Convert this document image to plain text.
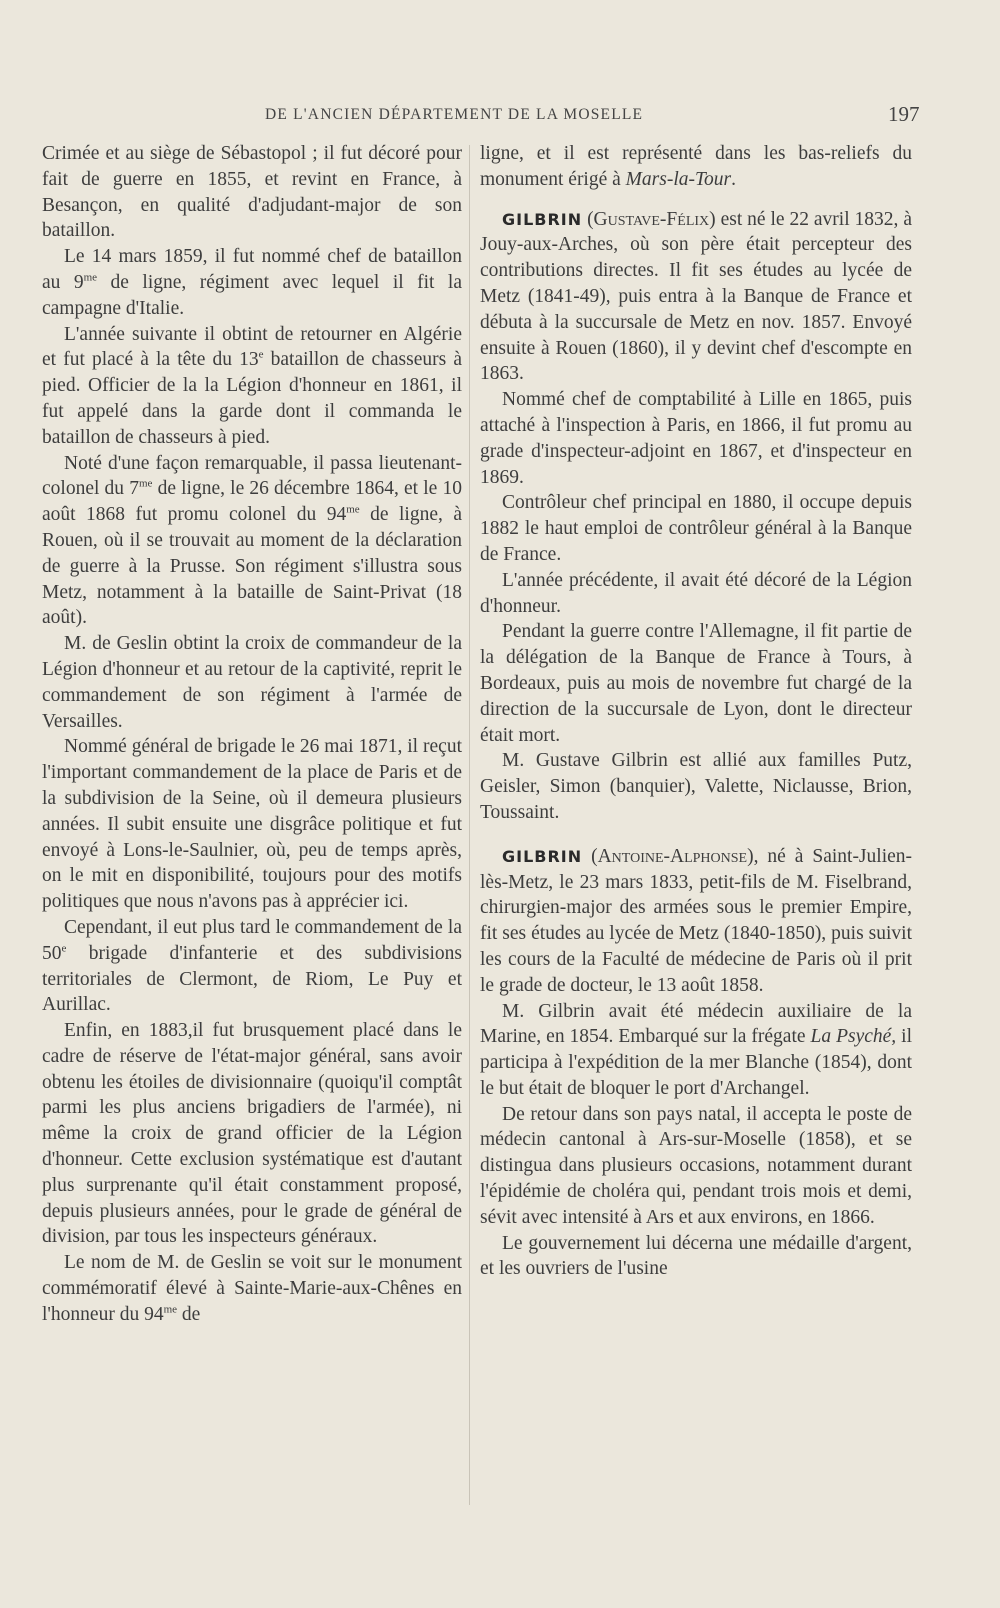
DE L'ANCIEN DÉPARTEMENT DE LA MOSELLE	197

Crimée et au siège de Sébastopol ; il fut décoré pour fait de guerre en 1855, et revint en France, à Besançon, en qualité d'adjudant-major de son bataillon.

Le 14 mars 1859, il fut nommé chef de bataillon au $9^{me}$ de ligne, régiment avec lequel il fit la campagne d'Italie.

L'année suivante il obtint de retourner en Algérie et fut placé à la tête du 13e bataillon de chasseurs à pied. Officier de la la Légion d'honneur en 1861, il fut appelé dans la garde dont il commanda le bataillon de chasseurs à pied.

Noté d'une façon remarquable, il passa lieutenant-colonel du $7^{me}$ de ligne, le 26 décembre 1864, et le 10 août 1868 fut promu colonel du $94^{me}$ de ligne, à Rouen, où il se trouvait au moment de la déclaration de guerre à la Prusse. Son régiment s'illustra sous Metz, notamment à la bataille de Saint-Privat (18 août).

M. de Geslin obtint la croix de commandeur de la Légion d'honneur et au retour de la captivité, reprit le commandement de son régiment à l'armée de Versailles.

Nommé général de brigade le 26 mai 1871, il reçut l'important commandement de la place de Paris et de la subdivision de la Seine, où il demeura plusieurs années. Il subit ensuite une disgrâce politique et fut envoyé à Lons-le-Saulnier, où, peu de temps après, on le mit en disponibilité, toujours pour des motifs politiques que nous n'avons pas à apprécier ici.

Cependant, il eut plus tard le commandement de la 50e brigade d'infanterie et des subdivisions territoriales de Clermont, de Riom, Le Puy et Aurillac.

Enfin, en 1883,il fut brusquement placé dans le cadre de réserve de l'état-major général, sans avoir obtenu les étoiles de divisionnaire (quoiqu'il comptât parmi les plus anciens brigadiers de l'armée), ni même la croix de grand officier de la Légion d'honneur. Cette exclusion systématique est d'autant plus surprenante qu'il était constamment proposé, depuis plusieurs années, pour le grade de général de division, par tous les inspecteurs généraux.

Le nom de M. de Geslin se voit sur le monument commémoratif élevé à Sainte-Marie-aux-Chênes en l'honneur du $94^{me}$ de

ligne, et il est représenté dans les bas-reliefs du monument érigé à Mars-la-Tour.

GILBRIN (Gustave-Félix) est né le 22 avril 1832, à Jouy-aux-Arches, où son père était percepteur des contributions directes. Il fit ses études au lycée de Metz (1841-49), puis entra à la Banque de France et débuta à la succursale de Metz en nov. 1857. Envoyé ensuite à Rouen (1860), il y devint chef d'escompte en 1863.

Nommé chef de comptabilité à Lille en 1865, puis attaché à l'inspection à Paris, en 1866, il fut promu au grade d'inspecteur-adjoint en 1867, et d'inspecteur en 1869.

Contrôleur chef principal en 1880, il occupe depuis 1882 le haut emploi de contrôleur général à la Banque de France.

L'année précédente, il avait été décoré de la Légion d'honneur.

Pendant la guerre contre l'Allemagne, il fit partie de la délégation de la Banque de France à Tours, à Bordeaux, puis au mois de novembre fut chargé de la direction de la succursale de Lyon, dont le directeur était mort.

M. Gustave Gilbrin est allié aux familles Putz, Geisler, Simon (banquier), Valette, Niclausse, Brion, Toussaint.

GILBRIN (Antoine-Alphonse), né à Saint-Julien-lès-Metz, le 23 mars 1833, petit-fils de M. Fiselbrand, chirurgien-major des armées sous le premier Empire, fit ses études au lycée de Metz (1840-1850), puis suivit les cours de la Faculté de médecine de Paris où il prit le grade de docteur, le 13 août 1858.

M. Gilbrin avait été médecin auxiliaire de la Marine, en 1854. Embarqué sur la frégate La Psyché, il participa à l'expédition de la mer Blanche (1854), dont le but était de bloquer le port d'Archangel.

De retour dans son pays natal, il accepta le poste de médecin cantonal à Ars-sur-Moselle (1858), et se distingua dans plusieurs occasions, notamment durant l'épidémie de choléra qui, pendant trois mois et demi, sévit avec intensité à Ars et aux environs, en 1866.

Le gouvernement lui décerna une médaille d'argent, et les ouvriers de l'usine
